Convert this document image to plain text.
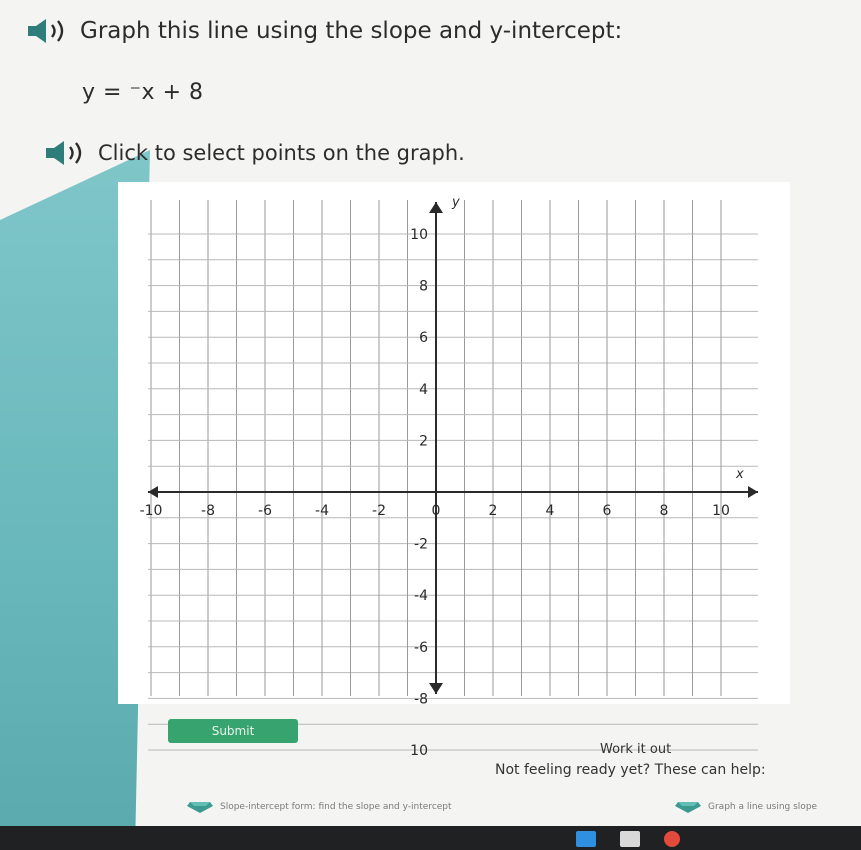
Graph this line using the slope and y-intercept:
y = ⁻x + 8
Click to select points on the graph.
-10	-8	-6	-4	-2	0	2	4	6	8	10
10
8
6
4
2
-2
-4
-6
-8
10
y
x
Submit
Work it out
Not feeling ready yet? These can help:
Slope-intercept form: find the slope and y-intercept	Graph a line using slope
